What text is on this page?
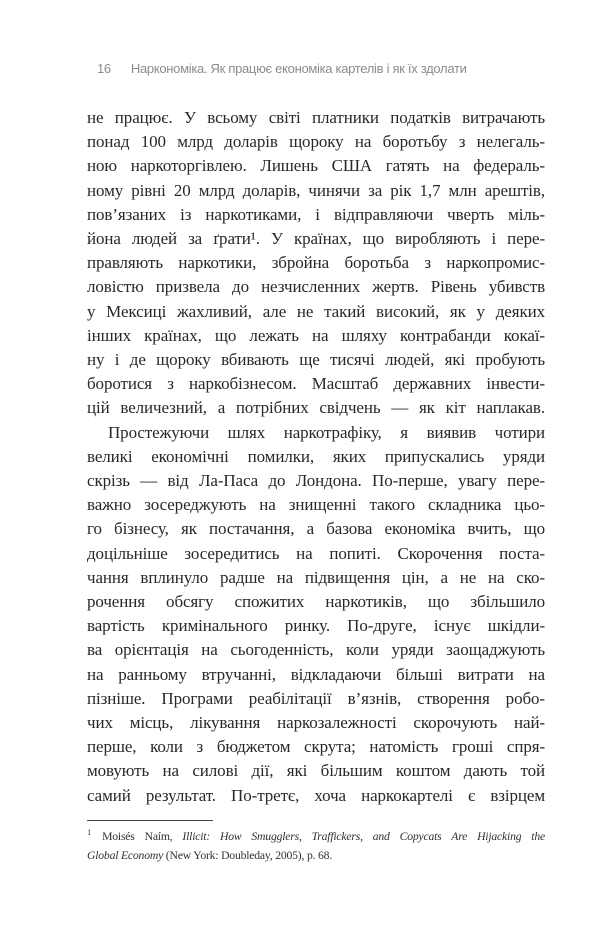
16 Наркономіка. Як працює економіка картелів і як їх здолати
не працює. У всьому світі платники податків витрачають
понад 100 млрд доларів щороку на боротьбу з нелегаль-
ною наркоторгівлею. Лишень США гатять на федераль-
ному рівні 20 млрд доларів, чинячи за рік 1,7 млн арештів,
пов’язаних із наркотиками, і відправляючи чверть міль-
йона людей за ґрати¹. У країнах, що виробляють і пере-
правляють наркотики, збройна боротьба з наркопромис-
ловістю призвела до незчисленних жертв. Рівень убивств
у Мексиці жахливий, але не такий високий, як у деяких
інших країнах, що лежать на шляху контрабанди кокаї-
ну і де щороку вбивають ще тисячі людей, які пробують
боротися з наркобізнесом. Масштаб державних інвести-
цій величезний, а потрібних свідчень — як кіт наплакав.
Простежуючи шлях наркотрафіку, я виявив чотири
великі економічні помилки, яких припускались уряди
скрізь — від Ла-Паса до Лондона. По-перше, увагу пере-
важно зосереджують на знищенні такого складника цьо-
го бізнесу, як постачання, а базова економіка вчить, що
доцільніше зосередитись на попиті. Скорочення поста-
чання вплинуло радше на підвищення цін, а не на ско-
рочення обсягу спожитих наркотиків, що збільшило
вартість кримінального ринку. По-друге, існує шкідли-
ва орієнтація на сьогоденність, коли уряди заощаджують
на ранньому втручанні, відкладаючи більші витрати на
пізніше. Програми реабілітації в’язнів, створення робо-
чих місць, лікування наркозалежності скорочують най-
перше, коли з бюджетом скрута; натомість гроші спря-
мовують на силові дії, які більшим коштом дають той
самий результат. По-третє, хоча наркокартелі є взірцем
$^1$ Moisés Naím, Illicit: How Smugglers, Traffickers, and Copycats Are Hijacking the
Global Economy (New York: Doubleday, 2005), p. 68.
